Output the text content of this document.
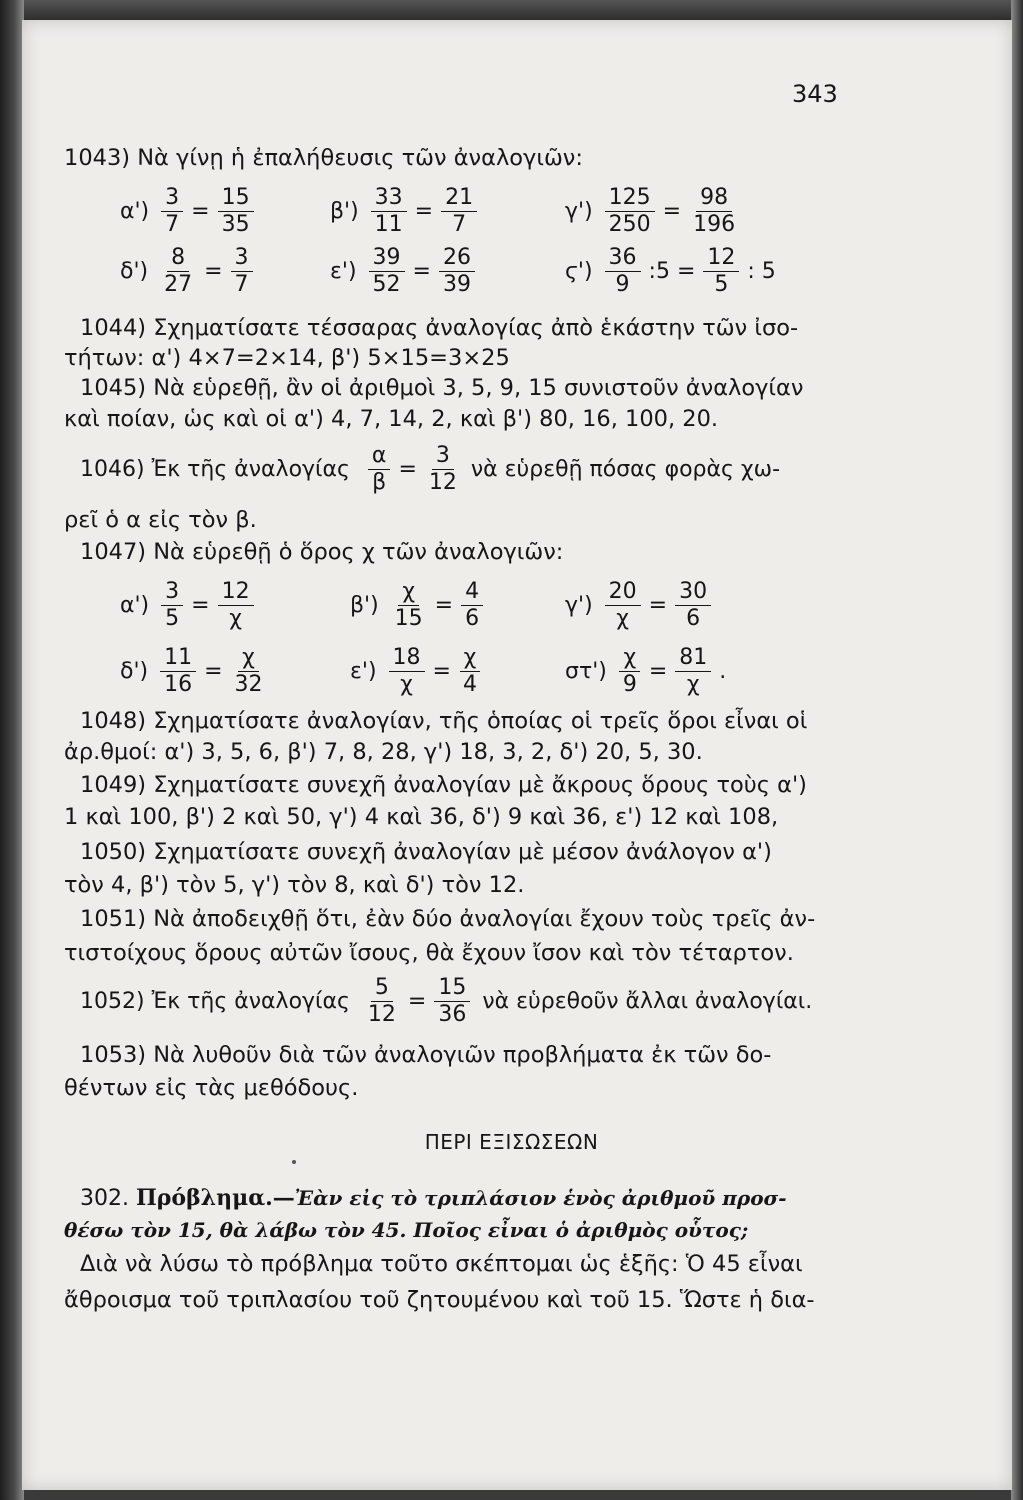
343
1043) Νὰ γίνῃ ἡ ἐπαλήθευσις τῶν ἀναλογιῶν:
$\alpha') \frac{3}{7} = \frac{15}{35}$	$\beta') \frac{33}{11} = \frac{21}{7}$	$\gamma') \frac{125}{250} = \frac{98}{196}$
$\delta') \frac{8}{27} = \frac{3}{7}$	$\varepsilon') \frac{39}{52} = \frac{26}{39}$	$ϛ') \frac{36}{9}$ :5 = $\frac{12}{5}$ : 5
1044) Σχηματίσατε τέσσαρας ἀναλογίας ἀπὸ ἑκάστην τῶν ἰσο-
τήτων: α') 4×7=2×14, β') 5×15=3×25
1045) Νὰ εὑρεθῇ, ἂν οἱ ἀριθμοὶ 3, 5, 9, 15 συνιστοῦν ἀναλογίαν
καὶ ποίαν, ὡς καὶ οἱ α') 4, 7, 14, 2, καὶ β') 80, 16, 100, 20.
1046) Ἐκ τῆς ἀναλογίας $\frac{\alpha}{\beta} = \frac{3}{12}$ νὰ εὑρεθῇ πόσας φορὰς χω-
ρεῖ ὁ α εἰς τὸν β.
1047) Νὰ εὑρεθῇ ὁ ὅρος χ τῶν ἀναλογιῶν:
$\alpha') \frac{3}{5} = \frac{12}{\chi}$	$\beta') \frac{\chi}{15} = \frac{4}{6}$	$\gamma') \frac{20}{\chi} = \frac{30}{6}$
$\delta') \frac{11}{16} = \frac{\chi}{32}$	$\varepsilon') \frac{18}{\chi} = \frac{\chi}{4}$	$\sigma\tau') \frac{\chi}{9} = \frac{81}{\chi}$ .
1048) Σχηματίσατε ἀναλογίαν, τῆς ὁποίας οἱ τρεῖς ὅροι εἶναι οἱ
ἀρ.θμοί: α') 3, 5, 6, β') 7, 8, 28, γ') 18, 3, 2, δ') 20, 5, 30.
1049) Σχηματίσατε συνεχῆ ἀναλογίαν μὲ ἄκρους ὅρους τοὺς α')
1 καὶ 100, β') 2 καὶ 50, γ') 4 καὶ 36, δ') 9 καὶ 36, ε') 12 καὶ 108,
1050) Σχηματίσατε συνεχῆ ἀναλογίαν μὲ μέσον ἀνάλογον α')
τὸν 4, β') τὸν 5, γ') τὸν 8, καὶ δ') τὸν 12.
1051) Νὰ ἀποδειχθῇ ὅτι, ἐὰν δύο ἀναλογίαι ἔχουν τοὺς τρεῖς ἀν-
τιστοίχους ὅρους αὐτῶν ἴσους, θὰ ἔχουν ἴσον καὶ τὸν τέταρτον.
1052) Ἐκ τῆς ἀναλογίας $\frac{5}{12} = \frac{15}{36}$ νὰ εὑρεθοῦν ἄλλαι ἀναλογίαι.
1053) Νὰ λυθοῦν διὰ τῶν ἀναλογιῶν προβλήματα ἐκ τῶν δο-
θέντων εἰς τὰς μεθόδους.
ΠΕΡΙ ΕΞΙΣΩΣΕΩΝ
302. Πρόβλημα.—Ἐὰν εἰς τὸ τριπλάσιον ἑνὸς ἀριθμοῦ προσ-
θέσω τὸν 15, θὰ λάβω τὸν 45. Ποῖος εἶναι ὁ ἀριθμὸς οὗτος;
Διὰ νὰ λύσω τὸ πρόβλημα τοῦτο σκέπτομαι ὡς ἑξῆς: Ὁ 45 εἶναι
ἄθροισμα τοῦ τριπλασίου τοῦ ζητουμένου καὶ τοῦ 15. Ὥστε ἡ δια-
